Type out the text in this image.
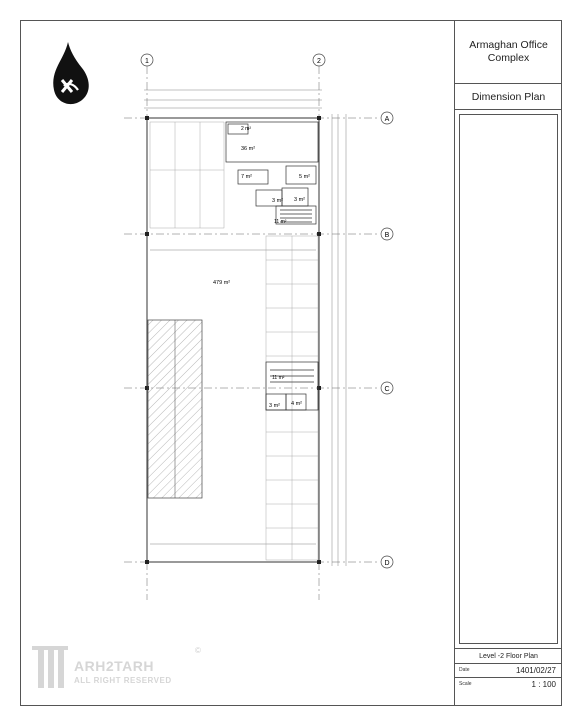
1	2
A
B
C
D
2 m²
36 m²
7 m²	5 m²
3 m² 3 m²
11 m²
479 m²
11 m²
3 m² 4 m²
Armaghan Office Complex
Dimension Plan
Level -2 Floor Plan
Date	1401/02/27
Scale	1 : 100
ARH2TARH
ALL RIGHT RESERVED
©
